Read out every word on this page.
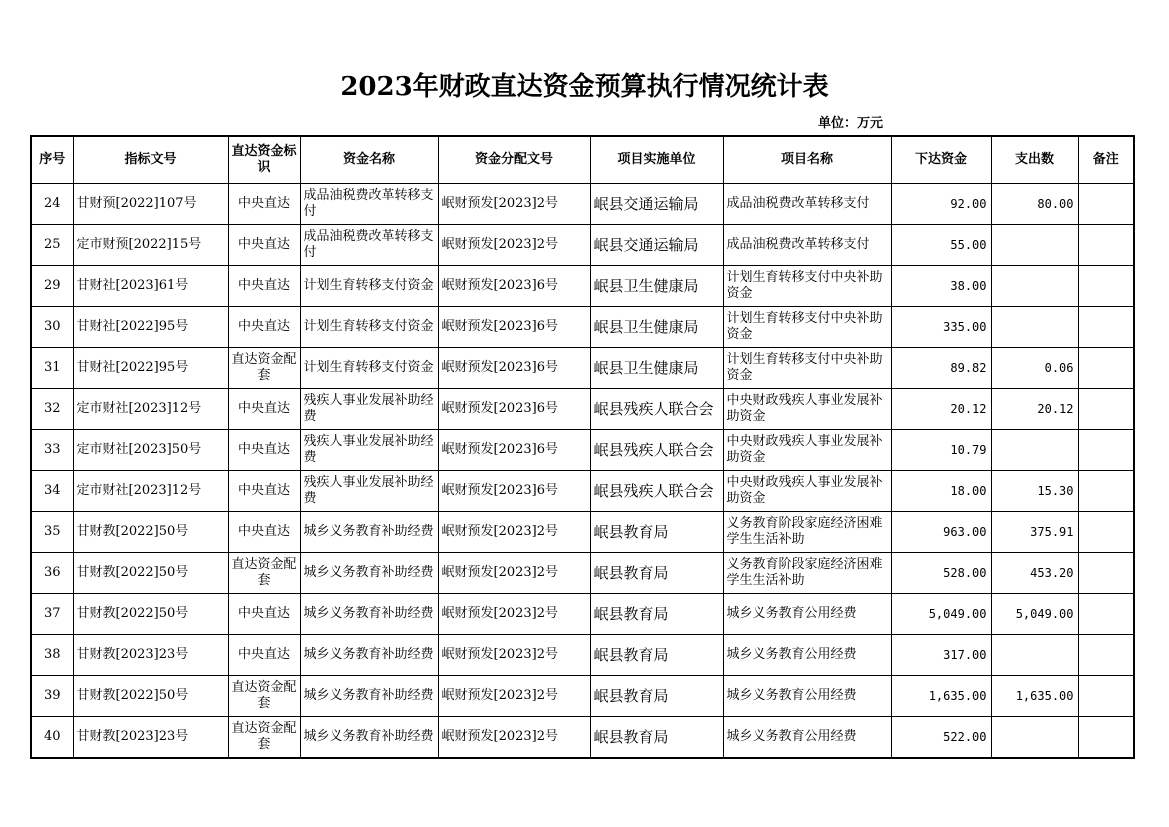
2023年财政直达资金预算执行情况统计表
单位：万元
序号	指标文号	直达资金标识	资金名称	资金分配文号	项目实施单位	项目名称	下达资金	支出数	备注
24	甘财预[2022]107号	中央直达	成品油税费改革转移支付	岷财预发[2023]2号	岷县交通运输局	成品油税费改革转移支付	92.00	80.00	
25	定市财预[2022]15号	中央直达	成品油税费改革转移支付	岷财预发[2023]2号	岷县交通运输局	成品油税费改革转移支付	55.00		
29	甘财社[2023]61号	中央直达	计划生育转移支付资金	岷财预发[2023]6号	岷县卫生健康局	计划生育转移支付中央补助资金	38.00		
30	甘财社[2022]95号	中央直达	计划生育转移支付资金	岷财预发[2023]6号	岷县卫生健康局	计划生育转移支付中央补助资金	335.00		
31	甘财社[2022]95号	直达资金配套	计划生育转移支付资金	岷财预发[2023]6号	岷县卫生健康局	计划生育转移支付中央补助资金	89.82	0.06	
32	定市财社[2023]12号	中央直达	残疾人事业发展补助经费	岷财预发[2023]6号	岷县残疾人联合会	中央财政残疾人事业发展补助资金	20.12	20.12	
33	定市财社[2023]50号	中央直达	残疾人事业发展补助经费	岷财预发[2023]6号	岷县残疾人联合会	中央财政残疾人事业发展补助资金	10.79		
34	定市财社[2023]12号	中央直达	残疾人事业发展补助经费	岷财预发[2023]6号	岷县残疾人联合会	中央财政残疾人事业发展补助资金	18.00	15.30	
35	甘财教[2022]50号	中央直达	城乡义务教育补助经费	岷财预发[2023]2号	岷县教育局	义务教育阶段家庭经济困难学生生活补助	963.00	375.91	
36	甘财教[2022]50号	直达资金配套	城乡义务教育补助经费	岷财预发[2023]2号	岷县教育局	义务教育阶段家庭经济困难学生生活补助	528.00	453.20	
37	甘财教[2022]50号	中央直达	城乡义务教育补助经费	岷财预发[2023]2号	岷县教育局	城乡义务教育公用经费	5,049.00	5,049.00	
38	甘财教[2023]23号	中央直达	城乡义务教育补助经费	岷财预发[2023]2号	岷县教育局	城乡义务教育公用经费	317.00		
39	甘财教[2022]50号	直达资金配套	城乡义务教育补助经费	岷财预发[2023]2号	岷县教育局	城乡义务教育公用经费	1,635.00	1,635.00	
40	甘财教[2023]23号	直达资金配套	城乡义务教育补助经费	岷财预发[2023]2号	岷县教育局	城乡义务教育公用经费	522.00		
